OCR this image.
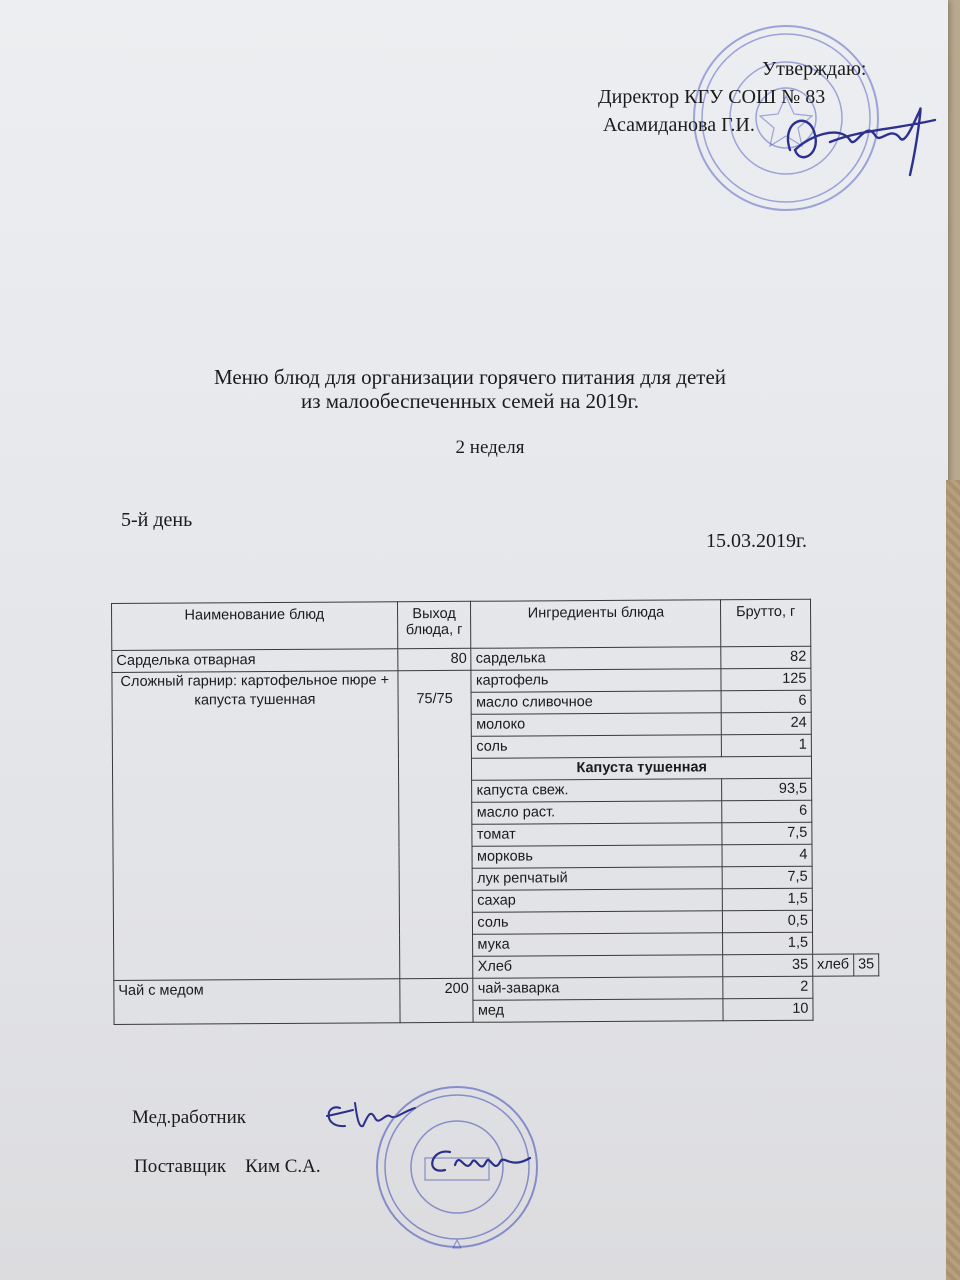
Утверждаю:
Директор КГУ СОШ № 83
Асамиданова Г.И.
Меню блюд для организации горячего питания для детей
из малообеспеченных семей на 2019г.
2 неделя
5-й день
15.03.2019г.
Наименование блюд	Выход блюда, г	Ингредиенты блюда	Брутто, г		
Сарделька отварная	80	сарделька	82		
Сложный гарнир: картофельное пюре + капуста тушенная	75/75	картофель	125		
		масло сливочное	6		
		молоко	24		
		соль	1		
		Капуста тушенная			
		капуста свеж.	93,5		
		масло раст.	6		
		томат	7,5		
		морковь	4		
		лук репчатый	7,5		
		сахар	1,5		
		соль	0,5		
		мука	1,5		
		Хлеб	35	хлеб	35
Чай с медом	200	чай-заварка	2		
		мед	10		
Мед.работник
Поставщик Ким С.А.
